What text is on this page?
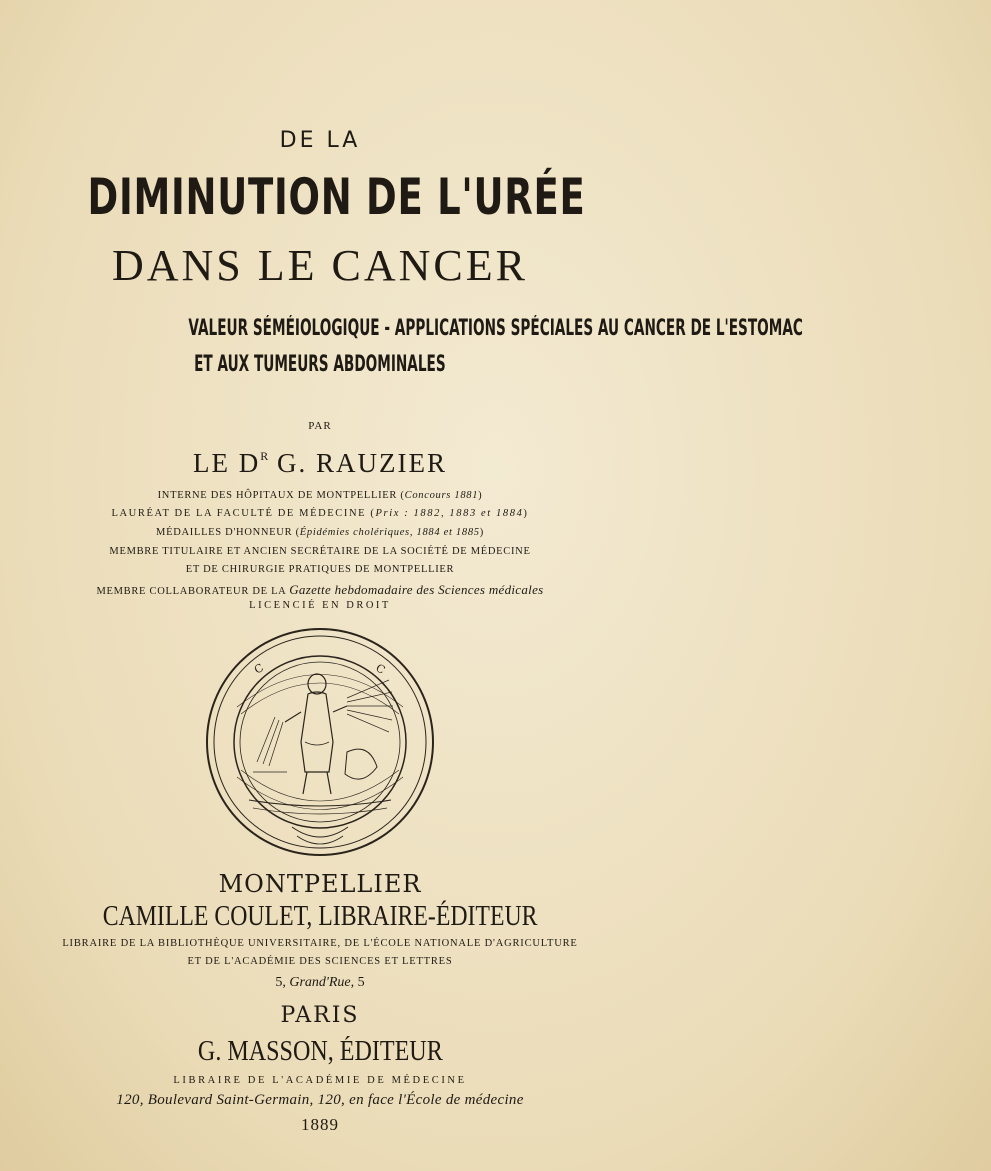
DE LA
DIMINUTION DE L'URÉE
DANS LE CANCER
VALEUR SÉMÉIOLOGIQUE - APPLICATIONS SPÉCIALES AU CANCER DE L'ESTOMAC
ET AUX TUMEURS ABDOMINALES
PAR
LE $D^R$ G. RAUZIER
INTERNE DES HÔPITAUX DE MONTPELLIER (Concours 1881)
LAURÉAT DE LA FACULTÉ DE MÉDECINE (Prix : 1882, 1883 et 1884)
MÉDAILLES D'HONNEUR (Épidémies cholériques, 1884 et 1885)
MEMBRE TITULAIRE ET ANCIEN SECRÉTAIRE DE LA SOCIÉTÉ DE MÉDECINE
ET DE CHIRURGIE PRATIQUES DE MONTPELLIER
MEMBRE COLLABORATEUR DE LA Gazette hebdomadaire des Sciences médicales
LICENCIÉ EN DROIT
C	C
MONTPELLIER
CAMILLE COULET, LIBRAIRE-ÉDITEUR
LIBRAIRE DE LA BIBLIOTHÈQUE UNIVERSITAIRE, DE L'ÉCOLE NATIONALE D'AGRICULTURE
ET DE L'ACADÉMIE DES SCIENCES ET LETTRES
5, Grand'Rue, 5
PARIS
G. MASSON, ÉDITEUR
LIBRAIRE DE L'ACADÉMIE DE MÉDECINE
120, Boulevard Saint-Germain, 120, en face l'École de médecine
1889
